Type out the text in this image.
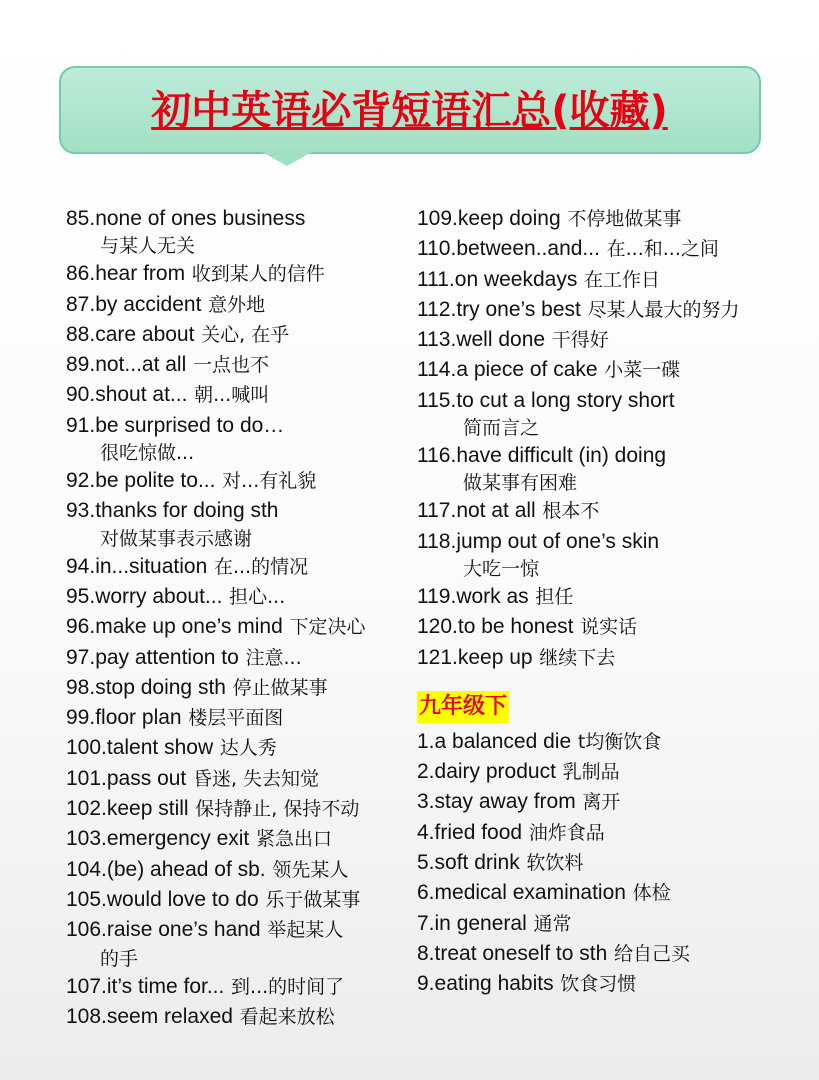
初中英语必背短语汇总(收藏)
85.none of ones business
与某人无关
86.hear from 收到某人的信件
87.by accident 意外地
88.care about 关心, 在乎
89.not...at all 一点也不
90.shout at... 朝...喊叫
91.be surprised to do…
很吃惊做...
92.be polite to... 对...有礼貌
93.thanks for doing sth
对做某事表示感谢
94.in...situation 在...的情况
95.worry about... 担心...
96.make up one’s mind 下定决心
97.pay attention to 注意...
98.stop doing sth 停止做某事
99.floor plan 楼层平面图
100.talent show 达人秀
101.pass out 昏迷, 失去知觉
102.keep still 保持静止, 保持不动
103.emergency exit 紧急出口
104.(be) ahead of sb. 领先某人
105.would love to do 乐于做某事
106.raise one’s hand 举起某人
的手
107.it’s time for... 到...的时间了
108.seem relaxed 看起来放松
109.keep doing 不停地做某事
110.between..and... 在...和...之间
111.on weekdays 在工作日
112.try one’s best 尽某人最大的努力
113.well done 干得好
114.a piece of cake 小菜一碟
115.to cut a long story short
简而言之
116.have difficult (in) doing
做某事有困难
117.not at all 根本不
118.jump out of one’s skin
大吃一惊
119.work as 担任
120.to be honest 说实话
121.keep up 继续下去
九年级下
1.a balanced die t均衡饮食
2.dairy product 乳制品
3.stay away from 离开
4.fried food 油炸食品
5.soft drink 软饮料
6.medical examination 体检
7.in general 通常
8.treat oneself to sth 给自己买
9.eating habits 饮食习惯
